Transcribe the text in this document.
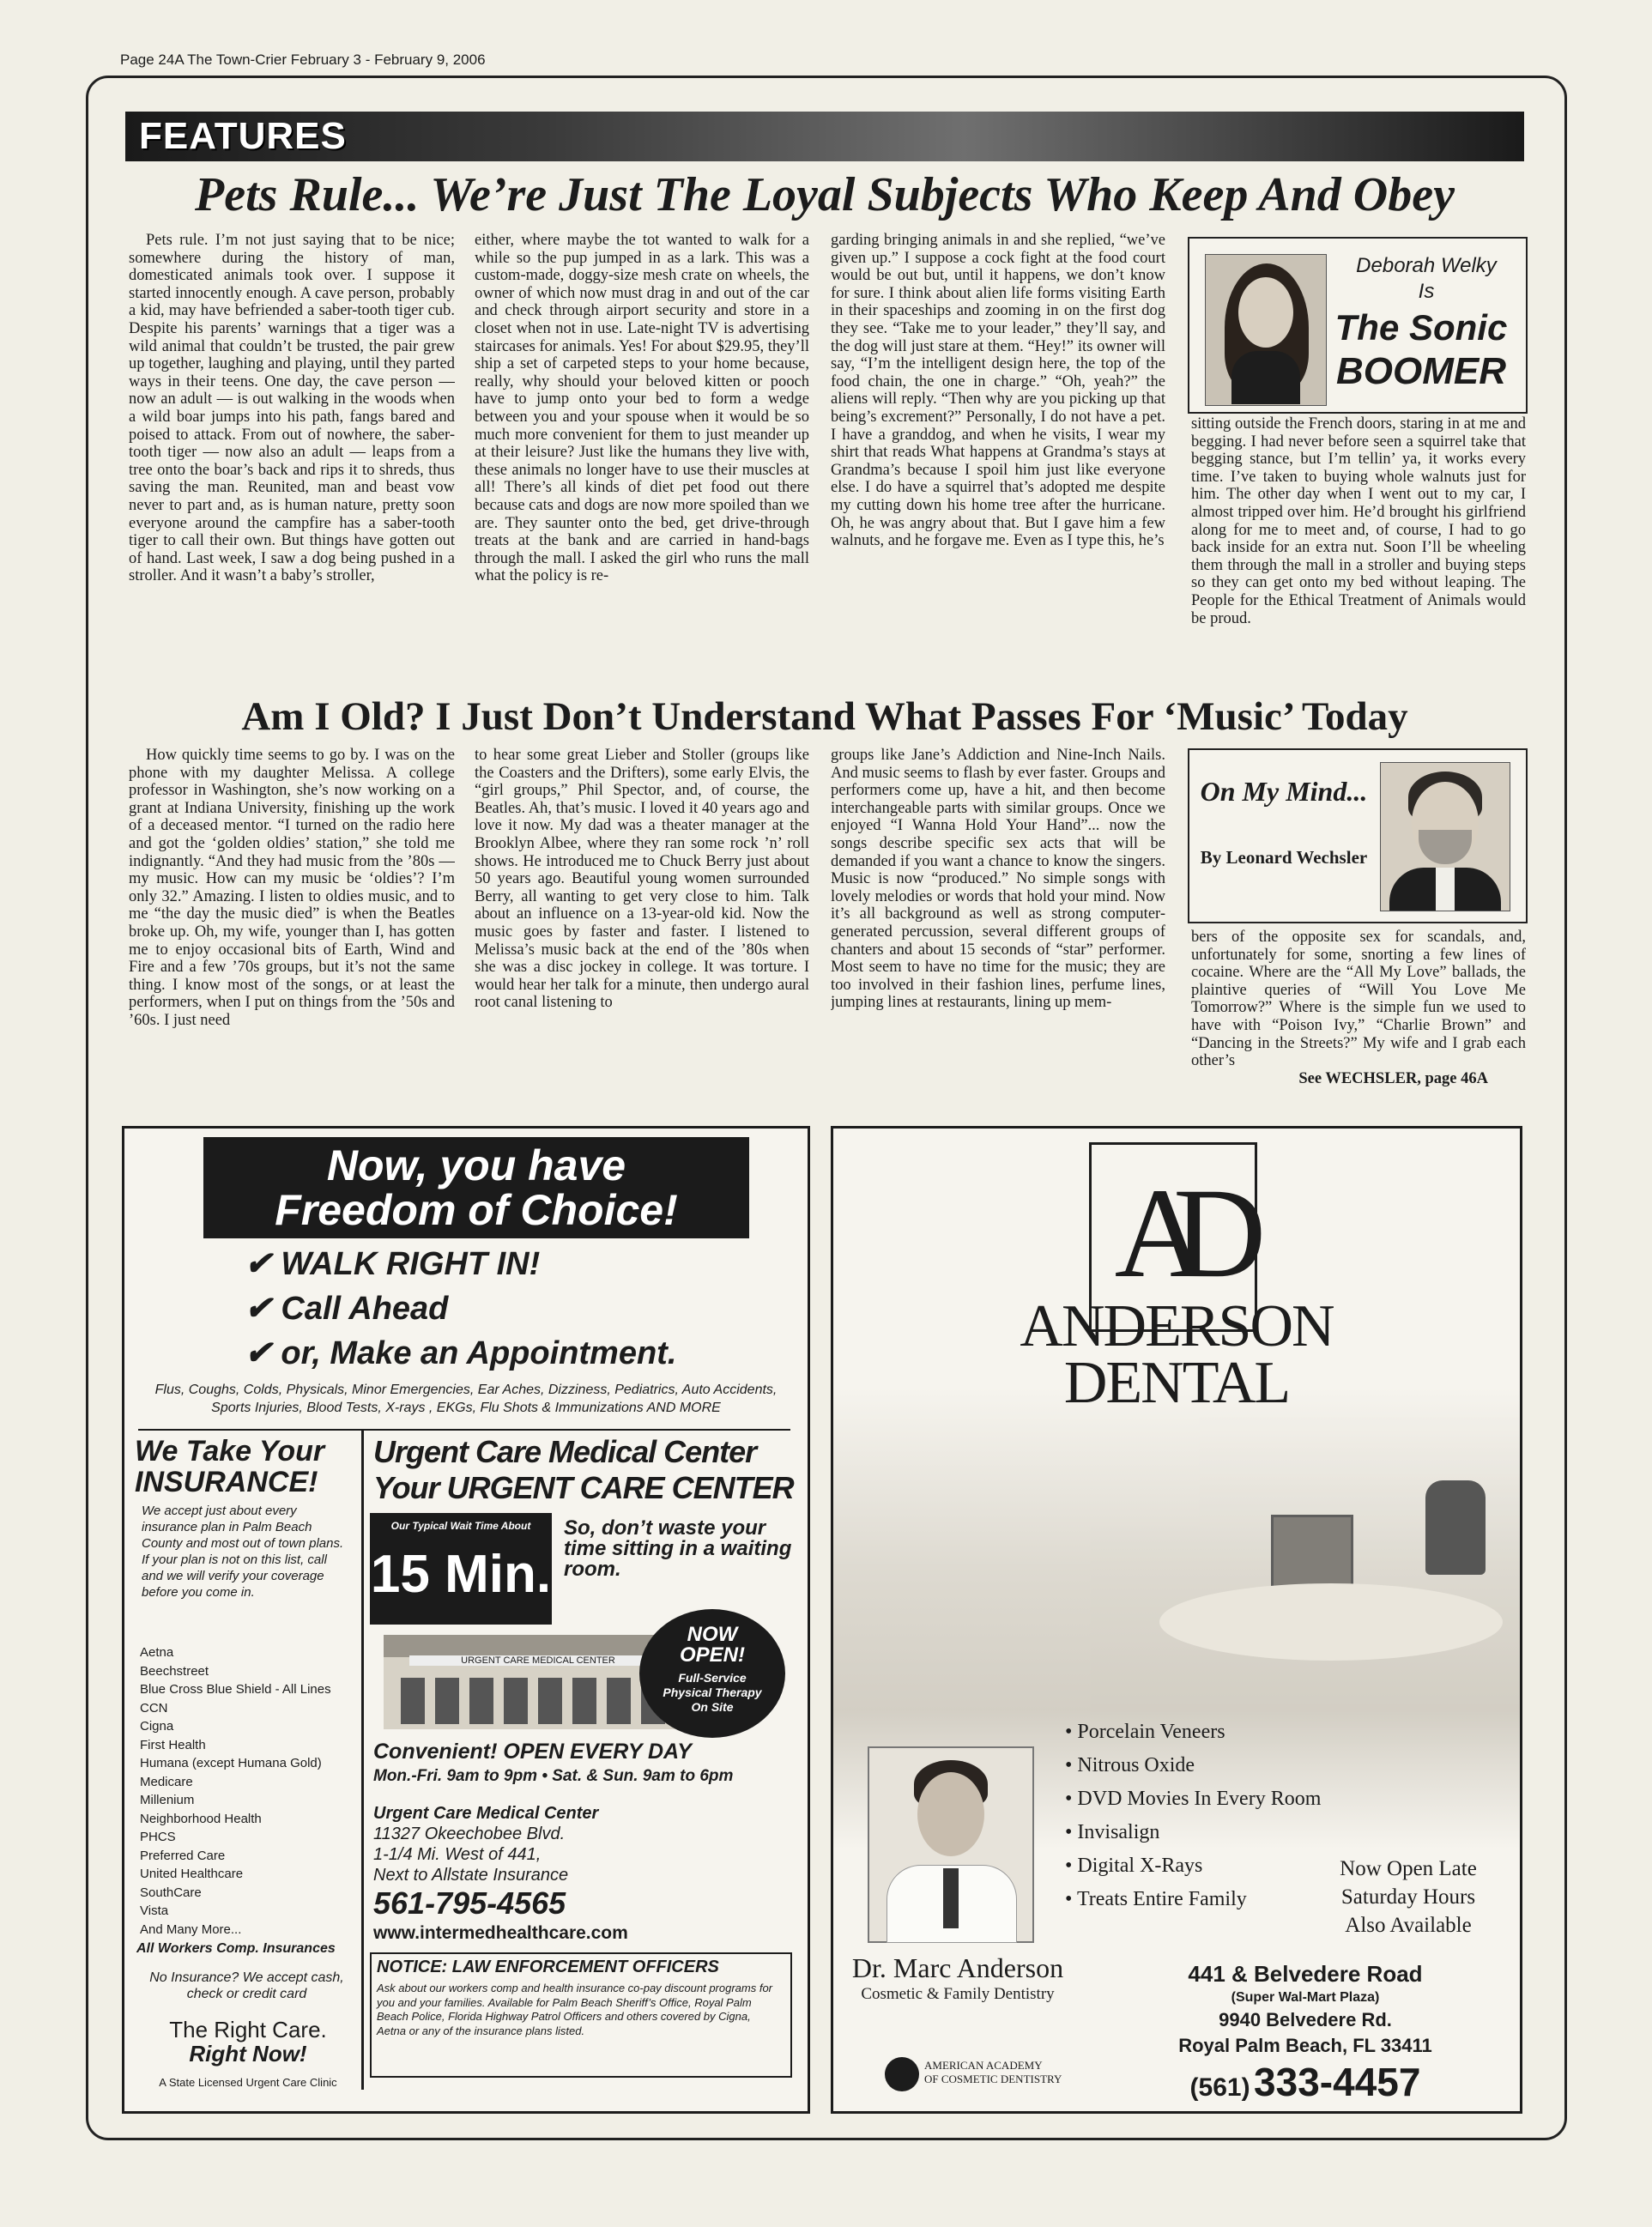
Page 24A The Town-Crier February 3 - February 9, 2006
FEATURES
Pets Rule... We’re Just The Loyal Subjects Who Keep And Obey

Pets rule. I’m not just saying that to be nice; somewhere during the history of man, domesticated animals took over. I suppose it started innocently enough. A cave person, probably a kid, may have befriended a saber-tooth tiger cub. Despite his parents’ warnings that a tiger was a wild animal that couldn’t be trusted, the pair grew up together, laughing and playing, until they parted ways in their teens. One day, the cave person — now an adult — is out walking in the woods when a wild boar jumps into his path, fangs bared and poised to attack. From out of nowhere, the saber-tooth tiger — now also an adult — leaps from a tree onto the boar’s back and rips it to shreds, thus saving the man. Reunited, man and beast vow never to part and, as is human nature, pretty soon everyone around the campfire has a saber-tooth tiger to call their own. But things have gotten out of hand. Last week, I saw a dog being pushed in a stroller. And it wasn’t a baby’s stroller,

either, where maybe the tot wanted to walk for a while so the pup jumped in as a lark. This was a custom-made, doggy-size mesh crate on wheels, the owner of which now must drag in and out of the car and check through airport security and store in a closet when not in use. Late-night TV is advertising staircases for animals. Yes! For about $29.95, they’ll ship a set of carpeted steps to your home because, really, why should your beloved kitten or pooch have to jump onto your bed to form a wedge between you and your spouse when it would be so much more convenient for them to just meander up at their leisure? Just like the humans they live with, these animals no longer have to use their muscles at all! There’s all kinds of diet pet food out there because cats and dogs are now more spoiled than we are. They saunter onto the bed, get drive-through treats at the bank and are carried in hand-bags through the mall. I asked the girl who runs the mall what the policy is re-

garding bringing animals in and she replied, “we’ve given up.” I suppose a cock fight at the food court would be out but, until it happens, we don’t know for sure. I think about alien life forms visiting Earth in their spaceships and zooming in on the first dog they see. “Take me to your leader,” they’ll say, and the dog will just stare at them. “Hey!” its owner will say, “I’m the intelligent design here, the top of the food chain, the one in charge.” “Oh, yeah?” the aliens will reply. “Then why are you picking up that being’s excrement?” Personally, I do not have a pet. I have a granddog, and when he visits, I wear my shirt that reads What happens at Grandma’s stays at Grandma’s because I spoil him just like everyone else. I do have a squirrel that’s adopted me despite my cutting down his home tree after the hurricane. Oh, he was angry about that. But I gave him a few walnuts, and he forgave me. Even as I type this, he’s

Deborah Welky
Is
The Sonic
BOOMER

sitting outside the French doors, staring in at me and begging. I had never before seen a squirrel take that begging stance, but I’m tellin’ ya, it works every time. I’ve taken to buying whole walnuts just for him. The other day when I went out to my car, I almost tripped over him. He’d brought his girlfriend along for me to meet and, of course, I had to go back inside for an extra nut. Soon I’ll be wheeling them through the mall in a stroller and buying steps so they can get onto my bed without leaping. The People for the Ethical Treatment of Animals would be proud.

Am I Old? I Just Don’t Understand What Passes For ‘Music’ Today

How quickly time seems to go by. I was on the phone with my daughter Melissa. A college professor in Washington, she’s now working on a grant at Indiana University, finishing up the work of a deceased mentor. “I turned on the radio here and got the ‘golden oldies’ station,” she told me indignantly. “And they had music from the ’80s — my music. How can my music be ‘oldies’? I’m only 32.” Amazing. I listen to oldies music, and to me “the day the music died” is when the Beatles broke up. Oh, my wife, younger than I, has gotten me to enjoy occasional bits of Earth, Wind and Fire and a few ’70s groups, but it’s not the same thing. I know most of the songs, or at least the performers, when I put on things from the ’50s and ’60s. I just need

to hear some great Lieber and Stoller (groups like the Coasters and the Drifters), some early Elvis, the “girl groups,” Phil Spector, and, of course, the Beatles. Ah, that’s music. I loved it 40 years ago and love it now. My dad was a theater manager at the Brooklyn Albee, where they ran some rock ’n’ roll shows. He introduced me to Chuck Berry just about 50 years ago. Beautiful young women surrounded Berry, all wanting to get very close to him. Talk about an influence on a 13-year-old kid. Now the music goes by faster and faster. I listened to Melissa’s music back at the end of the ’80s when she was a disc jockey in college. It was torture. I would hear her talk for a minute, then undergo aural root canal listening to

groups like Jane’s Addiction and Nine-Inch Nails. And music seems to flash by ever faster. Groups and performers come up, have a hit, and then become interchangeable parts with similar groups. Once we enjoyed “I Wanna Hold Your Hand”... now the songs describe specific sex acts that will be demanded if you want a chance to know the singers. Music is now “produced.” No simple songs with lovely melodies or words that hold your mind. Now it’s all background as well as strong computer-generated percussion, several different groups of chanters and about 15 seconds of “star” performer. Most seem to have no time for the music; they are too involved in their fashion lines, perfume lines, jumping lines at restaurants, lining up mem-

On My Mind...
By Leonard Wechsler

bers of the opposite sex for scandals, and, unfortunately for some, snorting a few lines of cocaine. Where are the “All My Love” ballads, the plaintive queries of “Will You Love Me Tomorrow?” Where is the simple fun we used to have with “Poison Ivy,” “Charlie Brown” and “Dancing in the Streets?” My wife and I grab each other’s

See WECHSLER, page 46A
Now, you have
Freedom of Choice!
✔ WALK RIGHT IN!
✔ Call Ahead
✔ or, Make an Appointment.
Flus, Coughs, Colds, Physicals, Minor Emergencies, Ear Aches, Dizziness, Pediatrics, Auto Accidents, Sports Injuries, Blood Tests, X-rays , EKGs, Flu Shots & Immunizations AND MORE
We Take Your
INSURANCE!
We accept just about every insurance plan in Palm Beach County and most out of town plans. If your plan is not on this list, call and we will verify your coverage before you come in.
Aetna
Beechstreet
Blue Cross Blue Shield - All Lines
CCN
Cigna
First Health
Humana (except Humana Gold)
Medicare
Millenium
Neighborhood Health
PHCS
Preferred Care
United Healthcare
SouthCare
Vista
And Many More...
All Workers Comp. Insurances
No Insurance? We accept cash, check or credit card
The Right Care.
Right Now!
A State Licensed Urgent Care Clinic
Urgent Care Medical Center
Your URGENT CARE CENTER
Our Typical Wait Time About
15 Min.
So, don’t waste your time sitting in a waiting room.
URGENT CARE MEDICAL CENTER
NOW
OPEN!
Full-Service Physical Therapy On Site
Convenient! OPEN EVERY DAY
Mon.-Fri. 9am to 9pm • Sat. & Sun. 9am to 6pm
Urgent Care Medical Center
11327 Okeechobee Blvd.
1-1/4 Mi. West of 441,
Next to Allstate Insurance
561-795-4565
www.intermedhealthcare.com
NOTICE: LAW ENFORCEMENT OFFICERS
Ask about our workers comp and health insurance co-pay discount programs for you and your families. Available for Palm Beach Sheriff’s Office, Royal Palm Beach Police, Florida Highway Patrol Officers and others covered by Cigna, Aetna or any of the insurance plans listed.
AD
ANDERSON
DENTAL
• Porcelain Veneers
• Nitrous Oxide
• DVD Movies In Every Room
• Invisalign
• Digital X-Rays
• Treats Entire Family
Now Open Late
Saturday Hours
Also Available
Dr. Marc Anderson
Cosmetic & Family Dentistry
AMERICAN ACADEMY
OF COSMETIC DENTISTRY
441 & Belvedere Road
(Super Wal-Mart Plaza)
9940 Belvedere Rd.
Royal Palm Beach, FL 33411
(561) 333-4457
